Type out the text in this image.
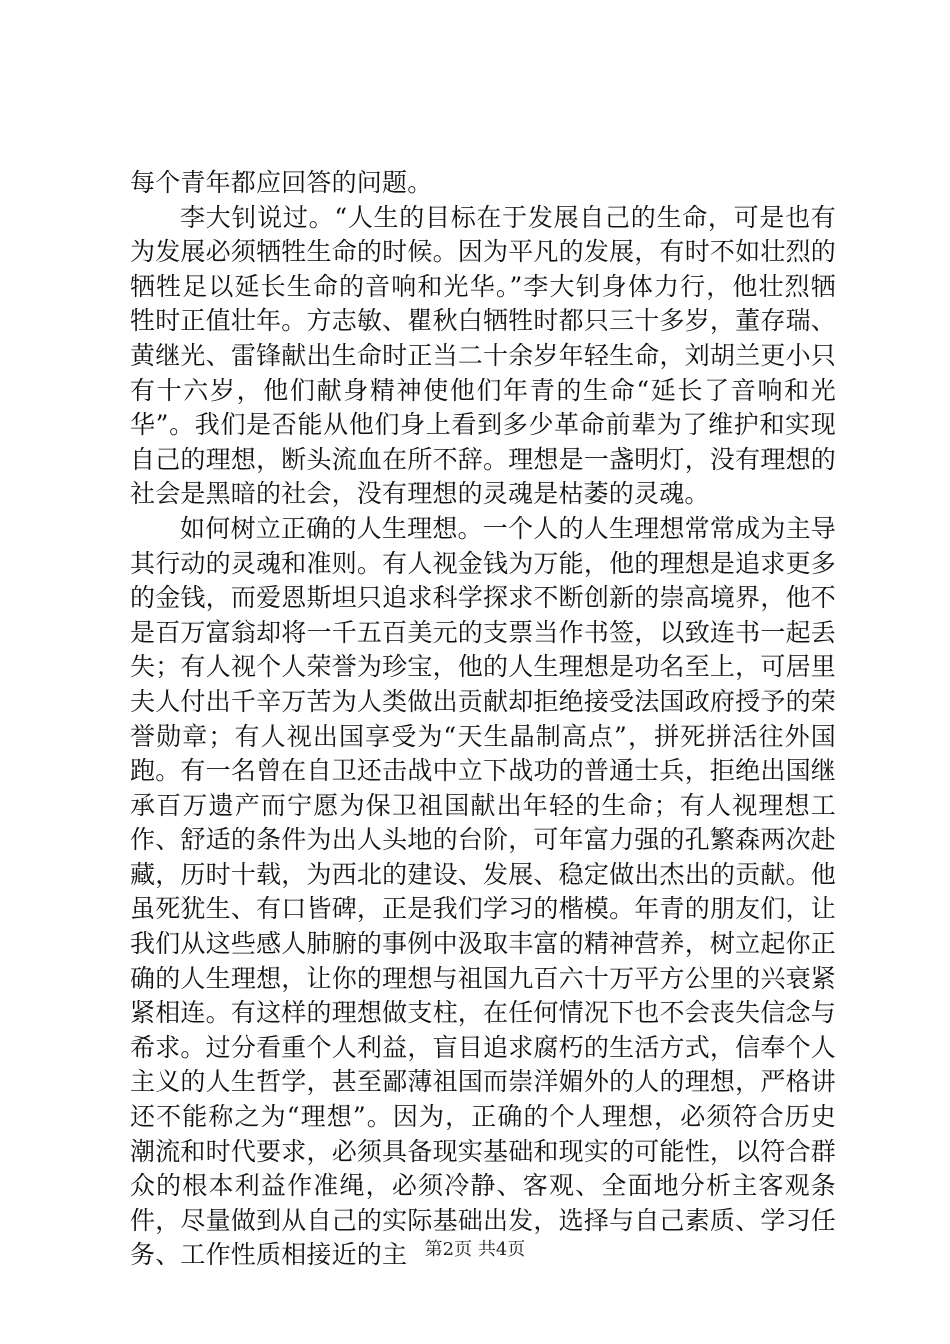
每个青年都应回答的问题。

李大钊说过。“人生的目标在于发展自己的生命，可是也有为发展必须牺牲生命的时候。因为平凡的发展，有时不如壮烈的牺牲足以延长生命的音响和光华。”李大钊身体力行，他壮烈牺牲时正值壮年。方志敏、瞿秋白牺牲时都只三十多岁，董存瑞、黄继光、雷锋献出生命时正当二十余岁年轻生命，刘胡兰更小只有十六岁，他们献身精神使他们年青的生命“延长了音响和光华”。我们是否能从他们身上看到多少革命前辈为了维护和实现自己的理想，断头流血在所不辞。理想是一盏明灯，没有理想的社会是黑暗的社会，没有理想的灵魂是枯萎的灵魂。

如何树立正确的人生理想。一个人的人生理想常常成为主导其行动的灵魂和准则。有人视金钱为万能，他的理想是追求更多的金钱，而爱恩斯坦只追求科学探求不断创新的崇高境界，他不是百万富翁却将一千五百美元的支票当作书签，以致连书一起丢失；有人视个人荣誉为珍宝，他的人生理想是功名至上，可居里夫人付出千辛万苦为人类做出贡献却拒绝接受法国政府授予的荣誉勋章；有人视出国享受为“天生晶制高点”，拼死拼活往外国跑。有一名曾在自卫还击战中立下战功的普通士兵，拒绝出国继承百万遗产而宁愿为保卫祖国献出年轻的生命；有人视理想工作、舒适的条件为出人头地的台阶，可年富力强的孔繁森两次赴藏，历时十载，为西北的建设、发展、稳定做出杰出的贡献。他虽死犹生、有口皆碑，正是我们学习的楷模。年青的朋友们，让我们从这些感人肺腑的事例中汲取丰富的精神营养，树立起你正确的人生理想，让你的理想与祖国九百六十万平方公里的兴衰紧紧相连。有这样的理想做支柱，在任何情况下也不会丧失信念与希求。过分看重个人利益，盲目追求腐朽的生活方式，信奉个人主义的人生哲学，甚至鄙薄祖国而崇洋媚外的人的理想，严格讲还不能称之为“理想”。因为，正确的个人理想，必须符合历史潮流和时代要求，必须具备现实基础和现实的可能性，以符合群众的根本利益作准绳，必须冷静、客观、全面地分析主客观条件，尽量做到从自己的实际基础出发，选择与自己素质、学习任务、工作性质相接近的主 第2页 共4页
